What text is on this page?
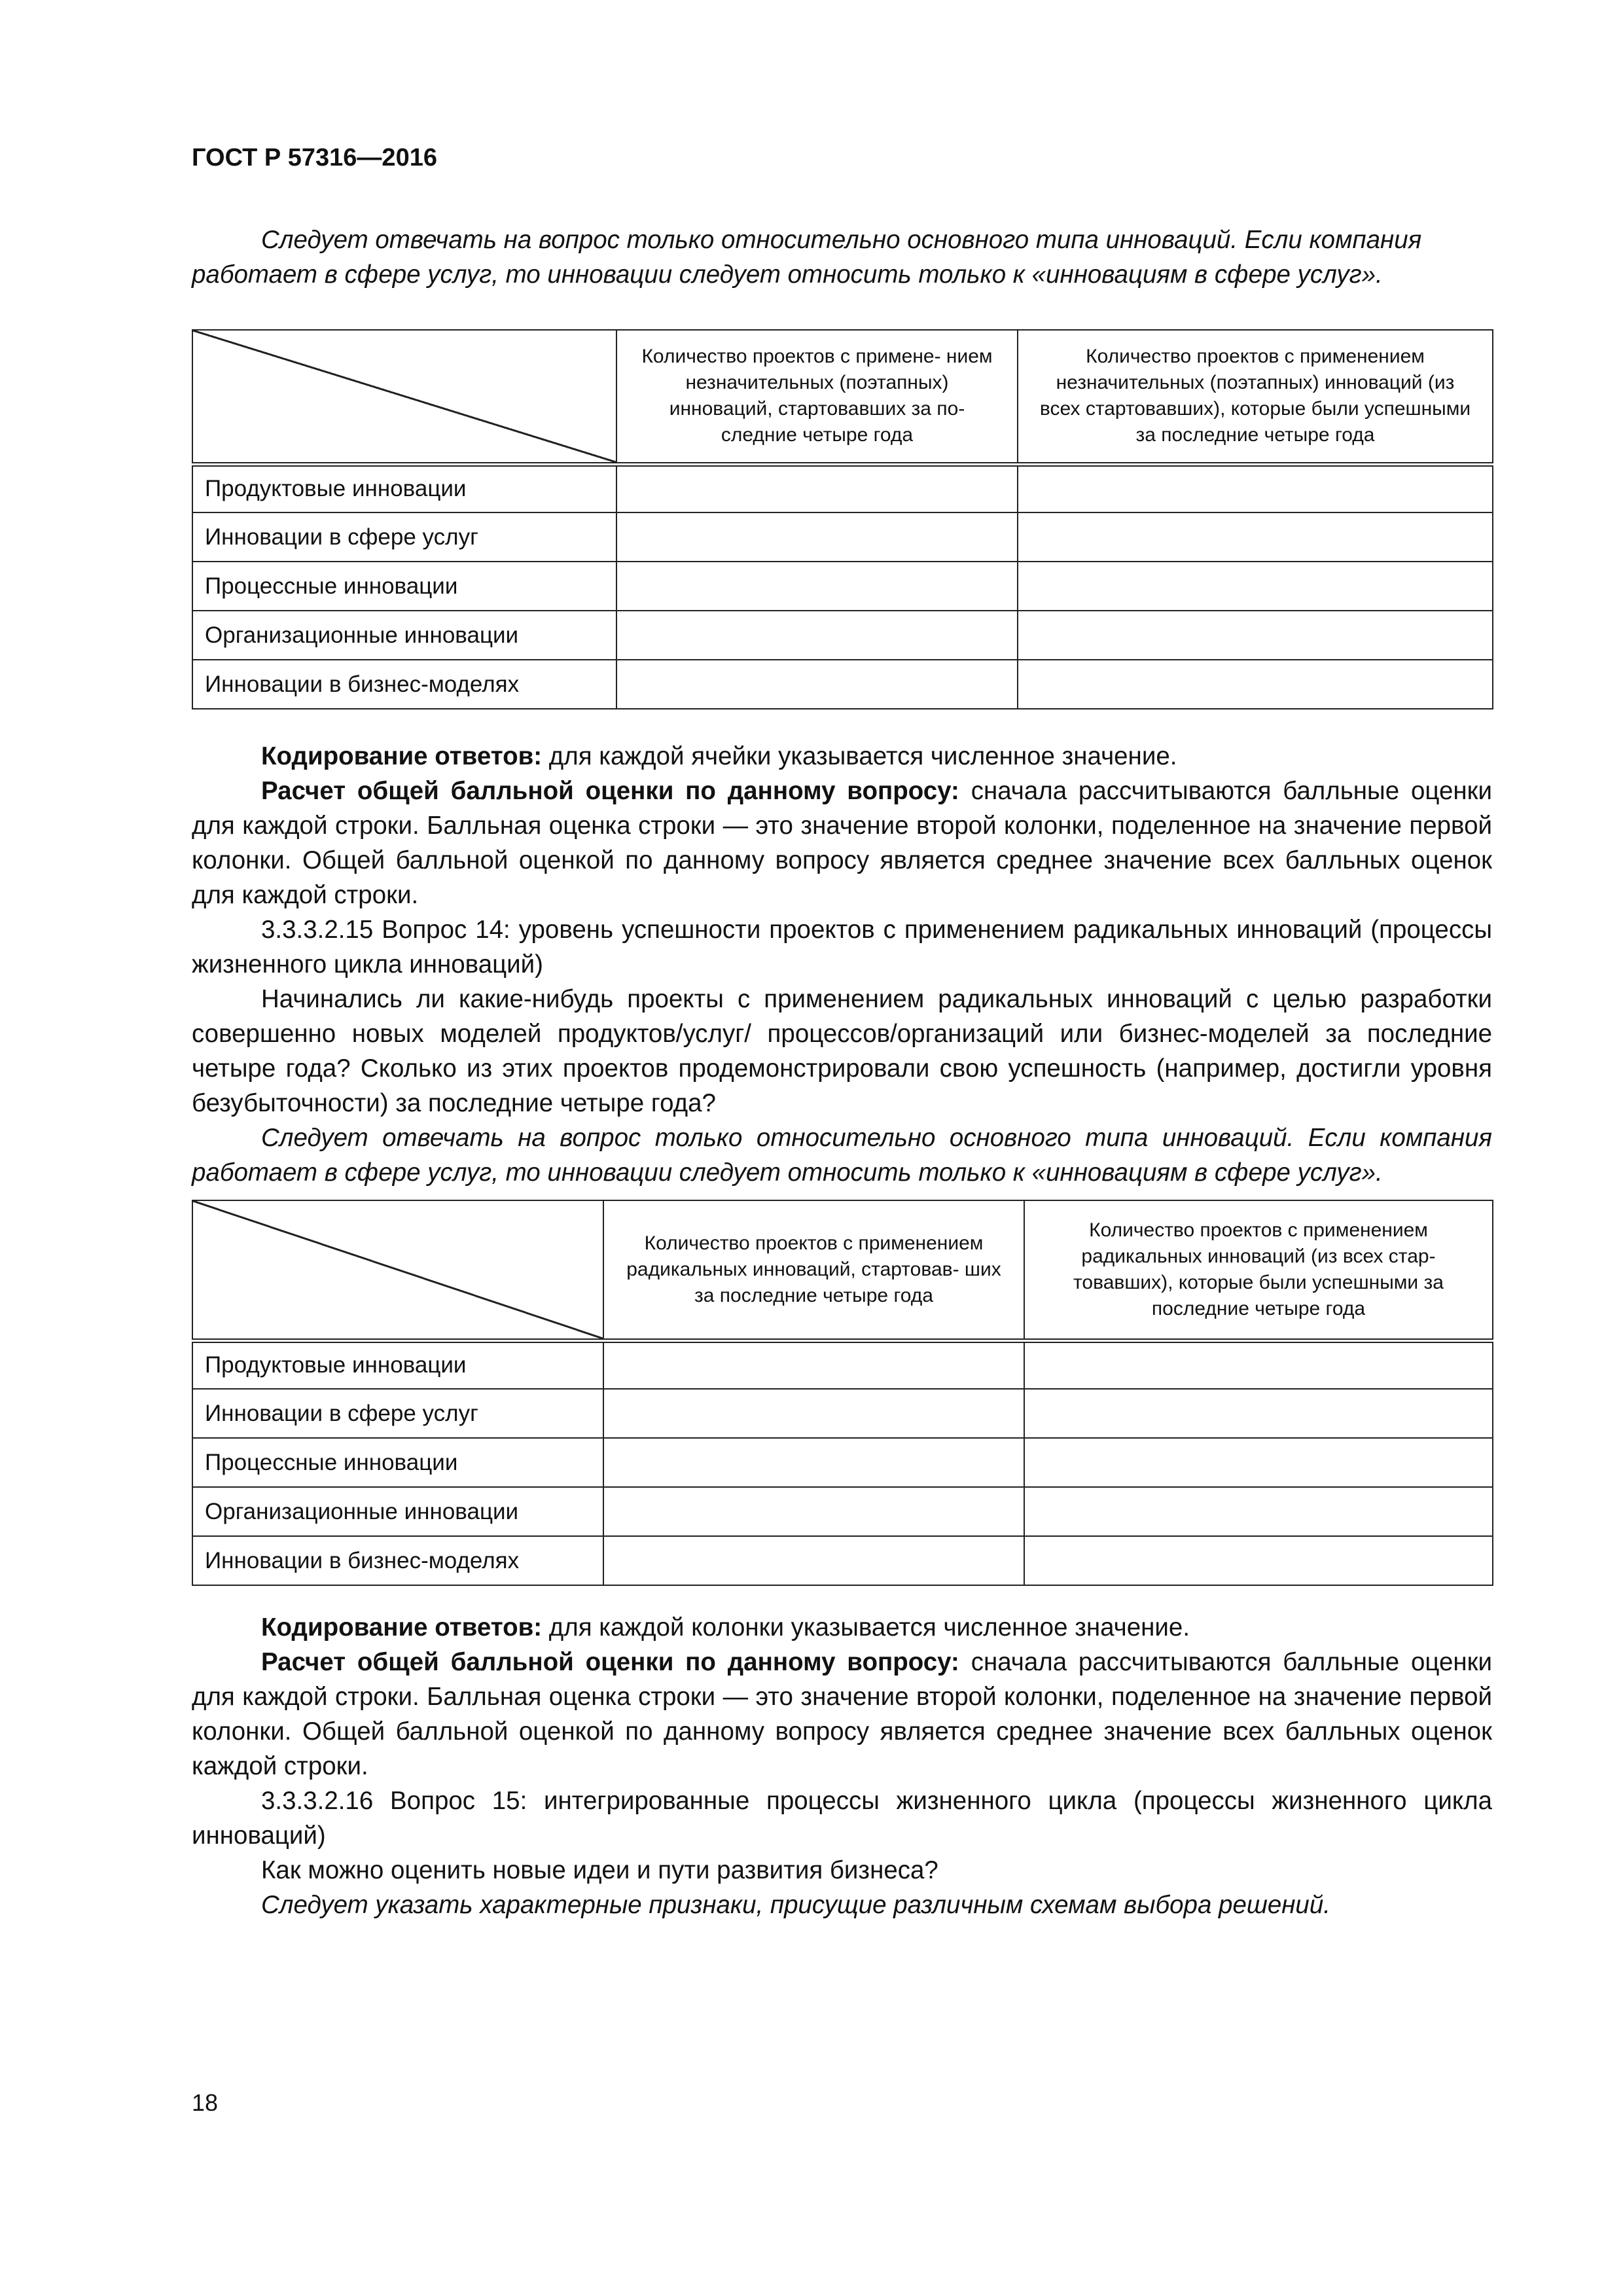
ГОСТ Р 57316—2016
Следует отвечать на вопрос только относительно основного типа инноваций. Если компания
работает в сфере услуг, то инновации следует относить только к «инновациям в сфере услуг».
	Количество проектов с примене- нием незначительных (поэтапных) инноваций, стартовавших за по- следние четыре года	Количество проектов с применением незначительных (поэтапных) инноваций (из всех стартовавших), которые были успешными за последние четыре года
Продуктовые инновации		
Инновации в сфере услуг		
Процессные инновации		
Организационные инновации		
Инновации в бизнес-моделях		

Кодирование ответов: для каждой ячейки указывается численное значение.

Расчет общей балльной оценки по данному вопросу: сначала рассчитываются балльные оценки для каждой строки. Балльная оценка строки — это значение второй колонки, поделенное на значение первой колонки. Общей балльной оценкой по данному вопросу является среднее значение всех балльных оценок для каждой строки.

3.3.3.2.15 Вопрос 14: уровень успешности проектов с применением радикальных инноваций (процессы жизненного цикла инноваций)

Начинались ли какие-нибудь проекты с применением радикальных инноваций с целью разработки совершенно новых моделей продуктов/услуг/ процессов/организаций или бизнес-моделей за последние четыре года? Сколько из этих проектов продемонстрировали свою успешность (например, достигли уровня безубыточности) за последние четыре года?

Следует отвечать на вопрос только относительно основного типа инноваций. Если компания работает в сфере услуг, то инновации следует относить только к «инновациям в сфере услуг».

	Количество проектов с применением радикальных инноваций, стартовав- ших за последние четыре года	Количество проектов с применением радикальных инноваций (из всех стар- товавших), которые были успешными за последние четыре года
Продуктовые инновации		
Инновации в сфере услуг		
Процессные инновации		
Организационные инновации		
Инновации в бизнес-моделях		

Кодирование ответов: для каждой колонки указывается численное значение.

Расчет общей балльной оценки по данному вопросу: сначала рассчитываются балльные оценки для каждой строки. Балльная оценка строки — это значение второй колонки, поделенное на значение первой колонки. Общей балльной оценкой по данному вопросу является среднее значение всех балльных оценок каждой строки.

3.3.3.2.16 Вопрос 15: интегрированные процессы жизненного цикла (процессы жизненного цикла инноваций)

Как можно оценить новые идеи и пути развития бизнеса?

Следует указать характерные признаки, присущие различным схемам выбора решений.

18
